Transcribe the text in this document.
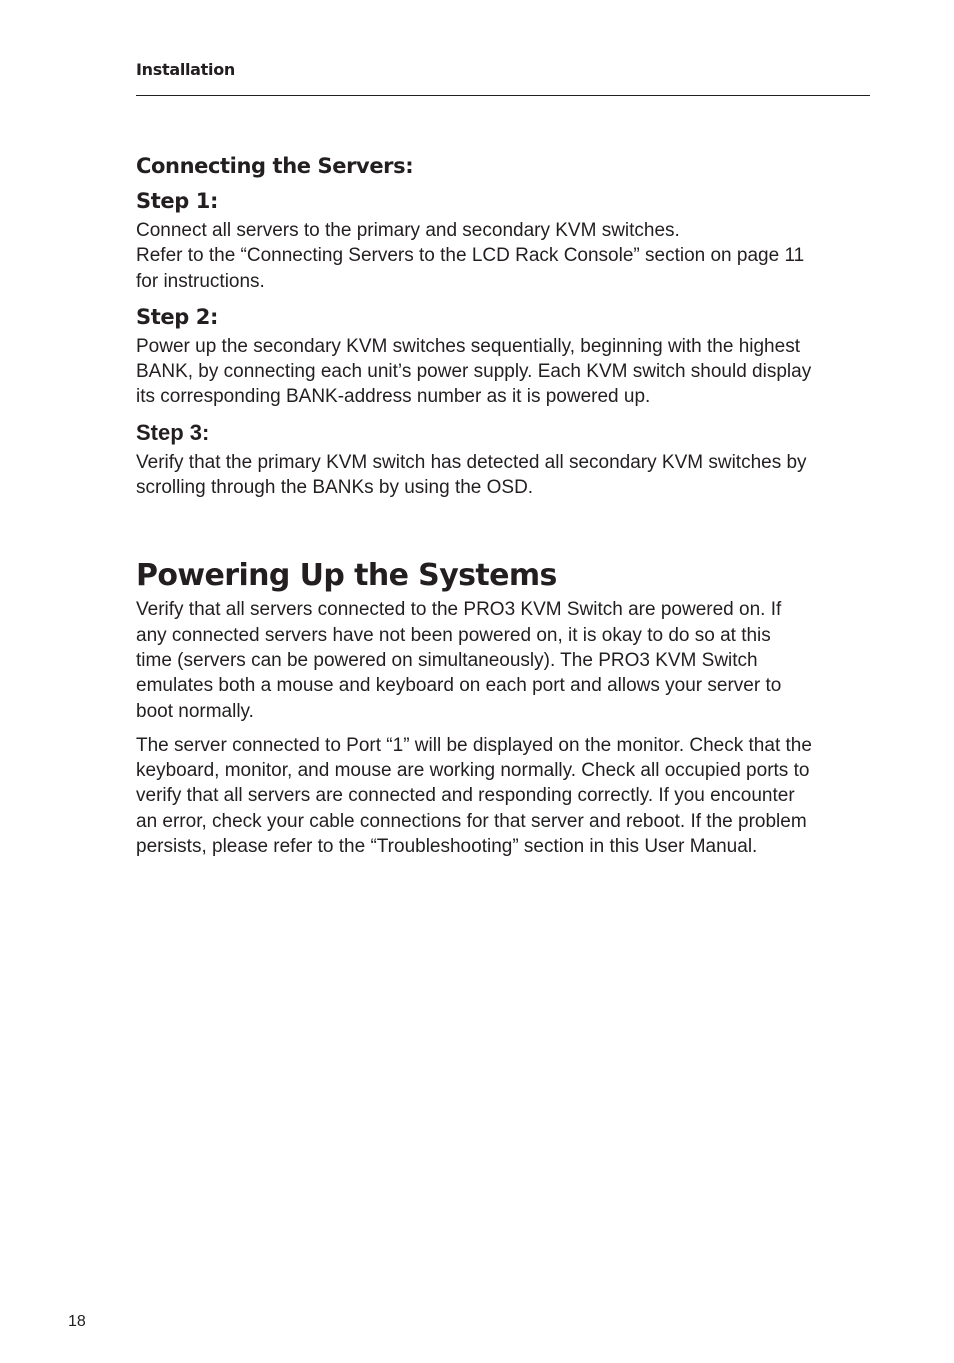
Installation
Connecting the Servers:
Step 1:

Connect all servers to the primary and secondary KVM switches.
Refer to the “Connecting Servers to the LCD Rack Console” section on page 11
for instructions.

Step 2:

Power up the secondary KVM switches sequentially, beginning with the highest
BANK, by connecting each unit’s power supply. Each KVM switch should display
its corresponding BANK-address number as it is powered up.

Step 3:

Verify that the primary KVM switch has detected all secondary KVM switches by
scrolling through the BANKs by using the OSD.

Powering Up the Systems

Verify that all servers connected to the PRO3 KVM Switch are powered on. If
any connected servers have not been powered on, it is okay to do so at this
time (servers can be powered on simultaneously). The PRO3 KVM Switch
emulates both a mouse and keyboard on each port and allows your server to
boot normally.

The server connected to Port “1” will be displayed on the monitor. Check that the
keyboard, monitor, and mouse are working normally. Check all occupied ports to
verify that all servers are connected and responding correctly. If you encounter
an error, check your cable connections for that server and reboot. If the problem
persists, please refer to the “Troubleshooting” section in this User Manual.

18
